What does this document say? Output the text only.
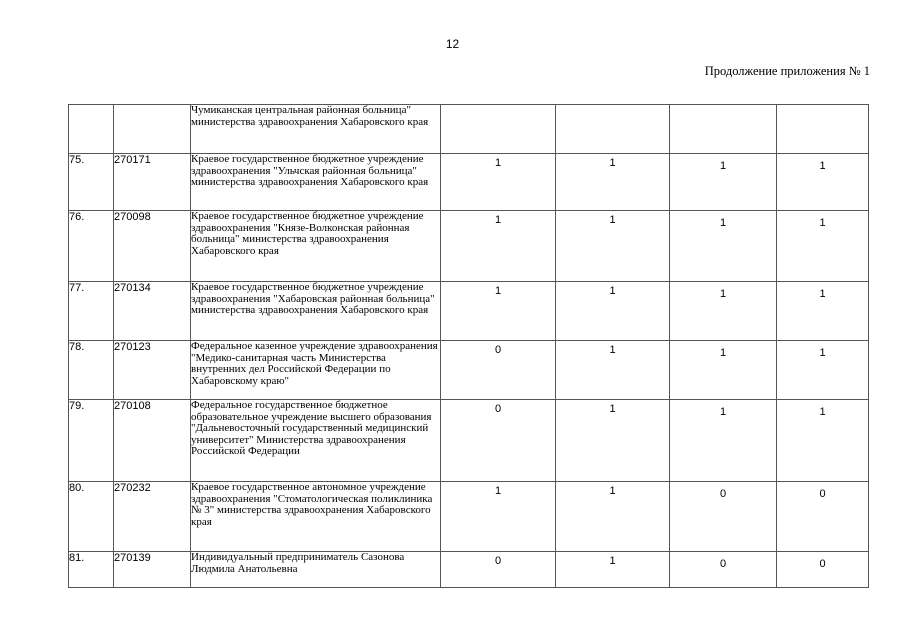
12
Продолжение приложения № 1
		Чумиканская центральная районная больница" министерства здравоохранения Хабаровского края	

75.	270171	Краевое государственное бюджетное учреждение здравоохранения "Ульчская районная больница" министерства здравоохранения Хабаровского края	1	1	1	1

76.	270098	Краевое государственное бюджетное учреждение здравоохранения "Князе-Волконская районная больница" министерства здравоохранения Хабаровского края	1	1	1	1

77.	270134	Краевое государственное бюджетное учреждение здравоохранения "Хабаровская районная больница" министерства здравоохранения Хабаровского края	1	1	1	1

78.	270123	Федеральное казенное учреждение здравоохранения "Медико-санитарная часть Министерства внутренних дел Российской Федерации по Хабаровскому краю"	0	1	1	1

79.	270108	Федеральное государственное бюджетное образовательное учреждение высшего образования "Дальневосточный государственный медицинский университет" Министерства здравоохранения Российской Федерации	0	1	1	1

80.	270232	Краевое государственное автономное учреждение здравоохранения "Стоматологическая поликлиника № 3" министерства здравоохранения Хабаровского края	1	1	0	0

81.	270139	Индивидуальный предприниматель Сазонова Людмила Анатольевна	0	1	0	0
